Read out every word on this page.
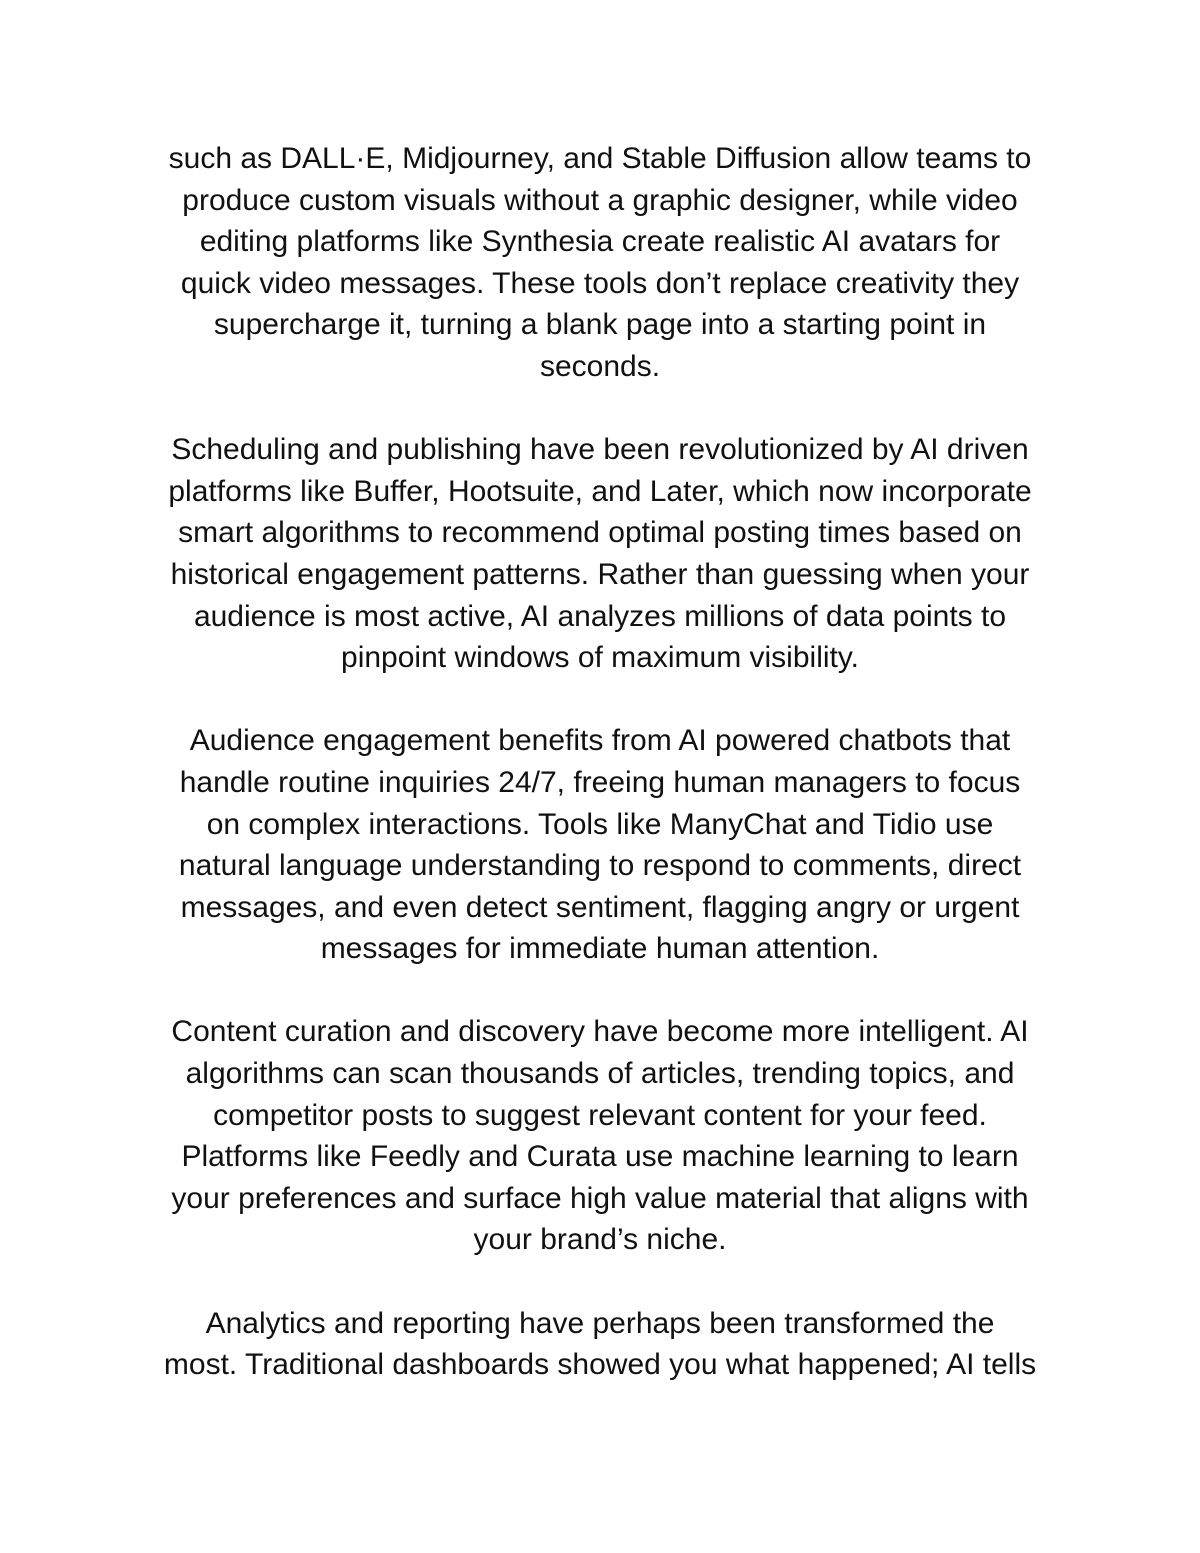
such as DALL·E, Midjourney, and Stable Diffusion allow teams to
produce custom visuals without a graphic designer, while video
editing platforms like Synthesia create realistic AI avatars for
quick video messages. These tools don’t replace creativity they
supercharge it, turning a blank page into a starting point in
seconds.

Scheduling and publishing have been revolutionized by AI driven
platforms like Buffer, Hootsuite, and Later, which now incorporate
smart algorithms to recommend optimal posting times based on
historical engagement patterns. Rather than guessing when your
audience is most active, AI analyzes millions of data points to
pinpoint windows of maximum visibility.

Audience engagement benefits from AI powered chatbots that
handle routine inquiries 24/7, freeing human managers to focus
on complex interactions. Tools like ManyChat and Tidio use
natural language understanding to respond to comments, direct
messages, and even detect sentiment, flagging angry or urgent
messages for immediate human attention.

Content curation and discovery have become more intelligent. AI
algorithms can scan thousands of articles, trending topics, and
competitor posts to suggest relevant content for your feed.
Platforms like Feedly and Curata use machine learning to learn
your preferences and surface high value material that aligns with
your brand’s niche.

Analytics and reporting have perhaps been transformed the
most. Traditional dashboards showed you what happened; AI tells
